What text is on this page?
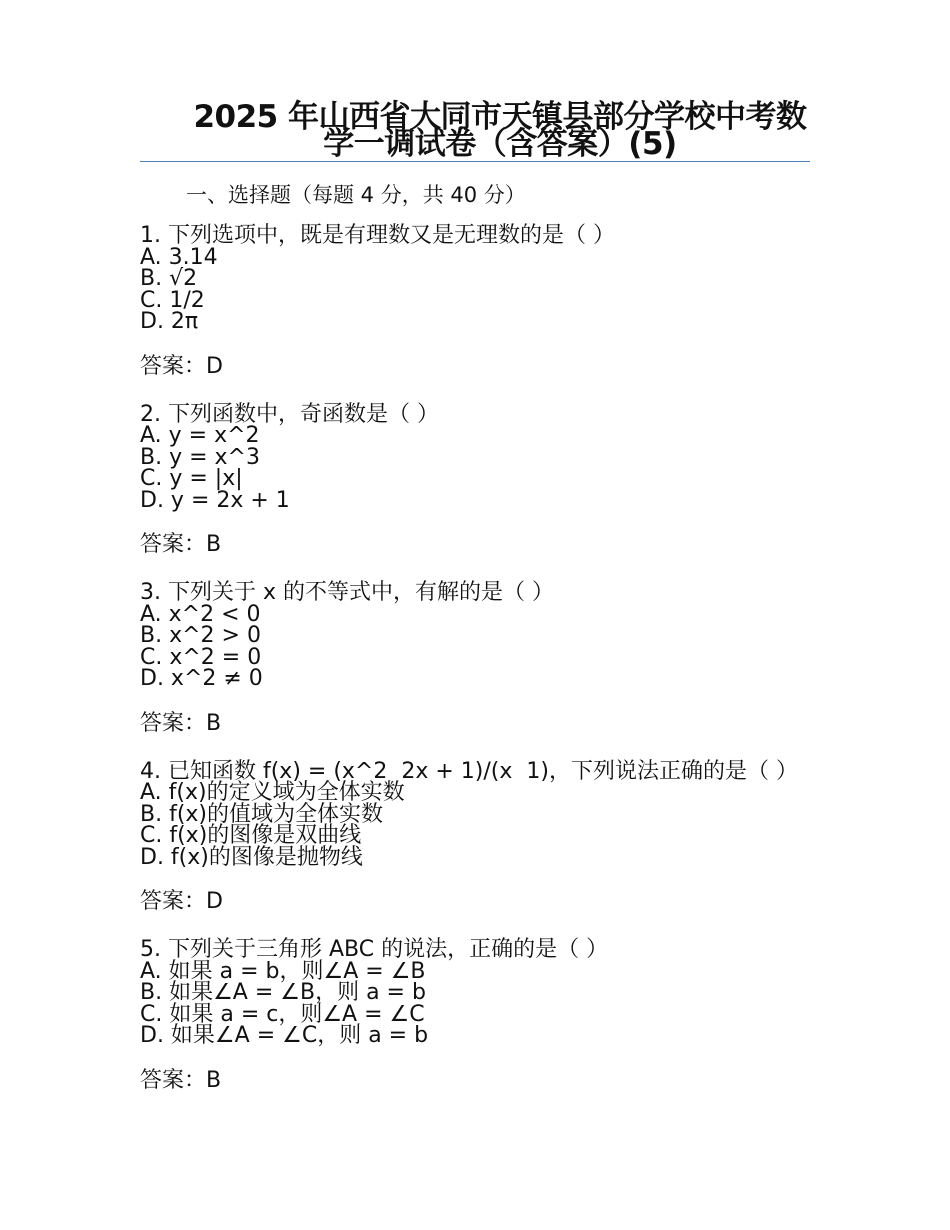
2025 年山西省大同市天镇县部分学校中考数学一调试卷（含答案）(5)
一、选择题（每题 4 分，共 40 分）
1. 下列选项中，既是有理数又是无理数的是（ ）
A. 3.14
B. √2
C. 1/2
D. 2π
答案：D
2. 下列函数中，奇函数是（ ）
A. y = x^2
B. y = x^3
C. y = |x|
D. y = 2x + 1
答案：B
3. 下列关于 x 的不等式中，有解的是（ ）
A. x^2 < 0
B. x^2 > 0
C. x^2 = 0
D. x^2 ≠ 0
答案：B
4. 已知函数 f(x) = (x^2  2x + 1)/(x  1)，下列说法正确的是（ ）
A. f(x)的定义域为全体实数
B. f(x)的值域为全体实数
C. f(x)的图像是双曲线
D. f(x)的图像是抛物线
答案：D
5. 下列关于三角形 ABC 的说法，正确的是（ ）
A. 如果 a = b，则∠A = ∠B
B. 如果∠A = ∠B，则 a = b
C. 如果 a = c，则∠A = ∠C
D. 如果∠A = ∠C，则 a = b
答案：B
